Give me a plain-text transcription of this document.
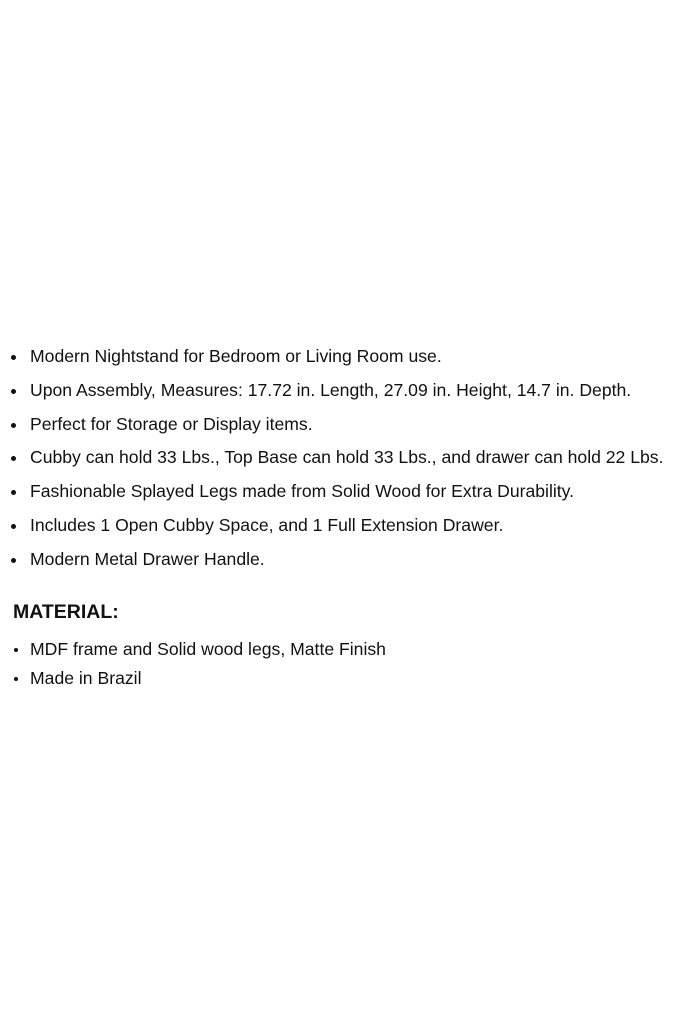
Modern Nightstand for Bedroom or Living Room use.
Upon Assembly, Measures: 17.72 in. Length, 27.09 in. Height, 14.7 in. Depth.
Perfect for Storage or Display items.
Cubby can hold 33 Lbs., Top Base can hold 33 Lbs., and drawer can hold 22 Lbs.
Fashionable Splayed Legs made from Solid Wood for Extra Durability.
Includes 1 Open Cubby Space, and 1 Full Extension Drawer.
Modern Metal Drawer Handle.
MATERIAL:
MDF frame and Solid wood legs, Matte Finish
Made in Brazil
